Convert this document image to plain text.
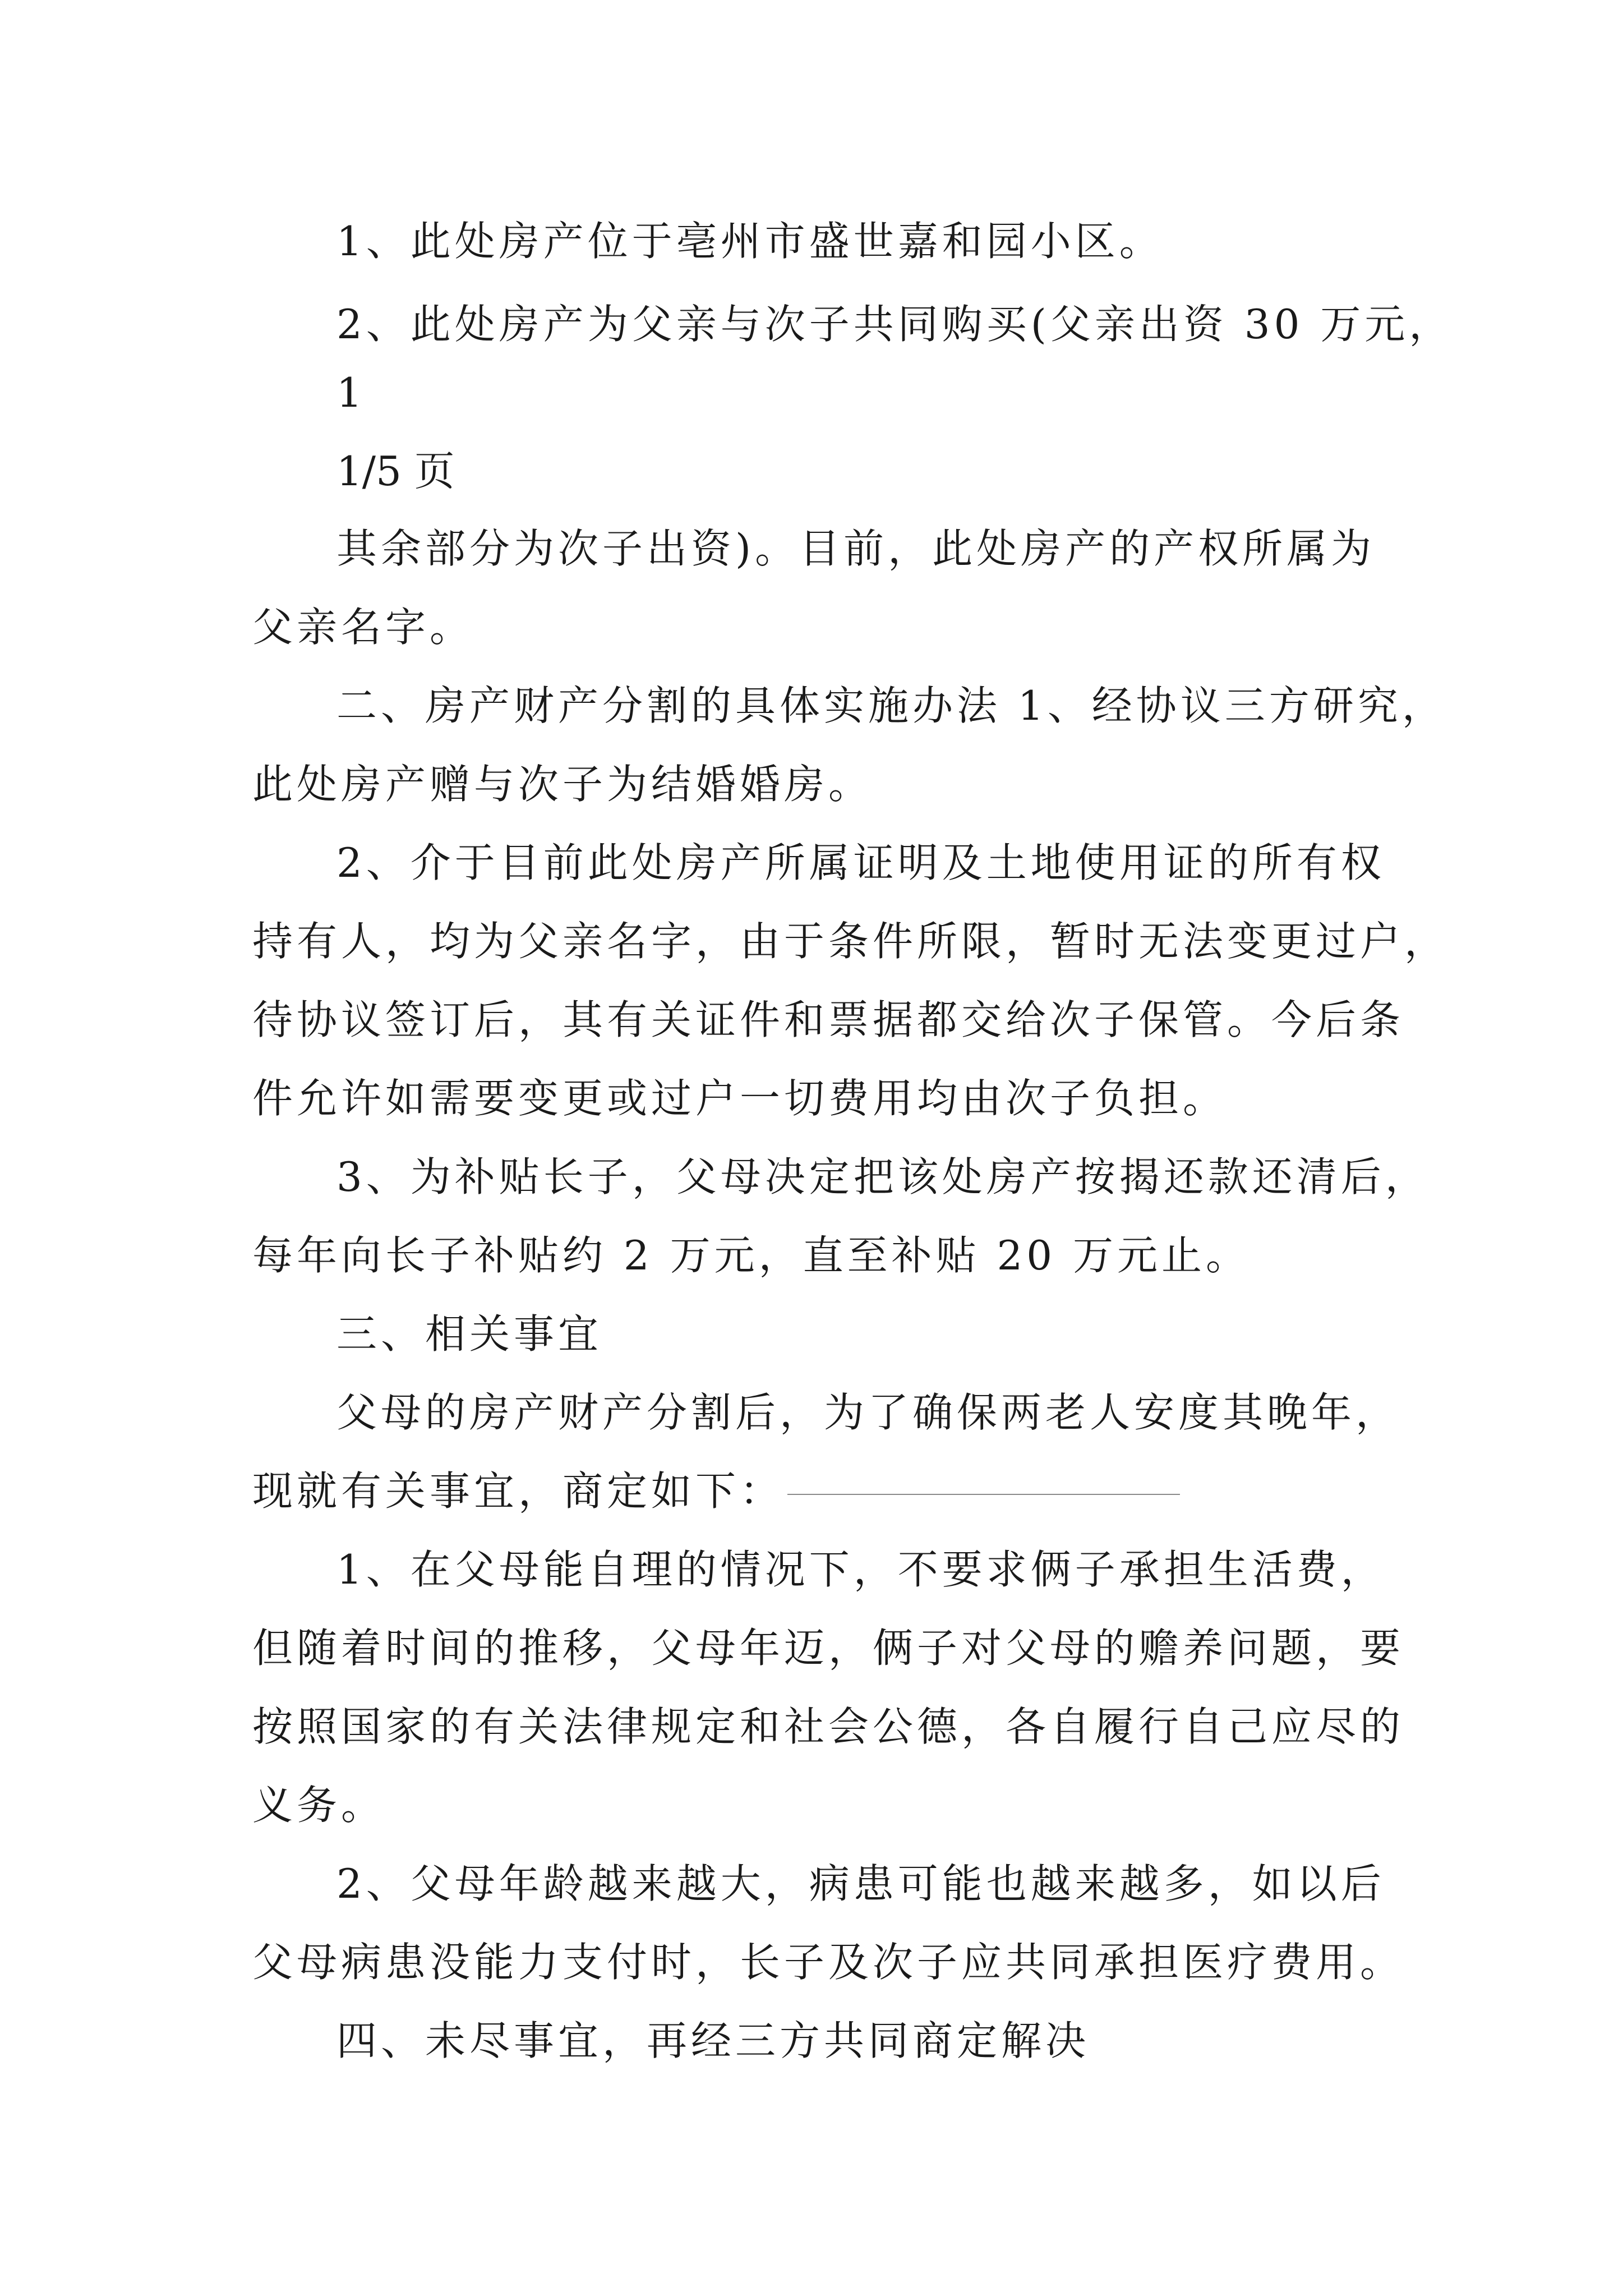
1、此处房产位于亳州市盛世嘉和园小区。
2、此处房产为父亲与次子共同购买(父亲出资 30 万元，
1
1/5 页
其余部分为次子出资)。目前，此处房产的产权所属为
父亲名字。
二、房产财产分割的具体实施办法 1、经协议三方研究，
此处房产赠与次子为结婚婚房。
2、介于目前此处房产所属证明及土地使用证的所有权
持有人，均为父亲名字，由于条件所限，暂时无法变更过户，
待协议签订后，其有关证件和票据都交给次子保管。今后条
件允许如需要变更或过户一切费用均由次子负担。
3、为补贴长子，父母决定把该处房产按揭还款还清后，
每年向长子补贴约 2 万元，直至补贴 20 万元止。
三、相关事宜
父母的房产财产分割后，为了确保两老人安度其晚年，
现就有关事宜，商定如下：
1、在父母能自理的情况下，不要求俩子承担生活费，
但随着时间的推移，父母年迈，俩子对父母的赡养问题，要
按照国家的有关法律规定和社会公德，各自履行自己应尽的
义务。
2、父母年龄越来越大，病患可能也越来越多，如以后
父母病患没能力支付时，长子及次子应共同承担医疗费用。
四、未尽事宜，再经三方共同商定解决
